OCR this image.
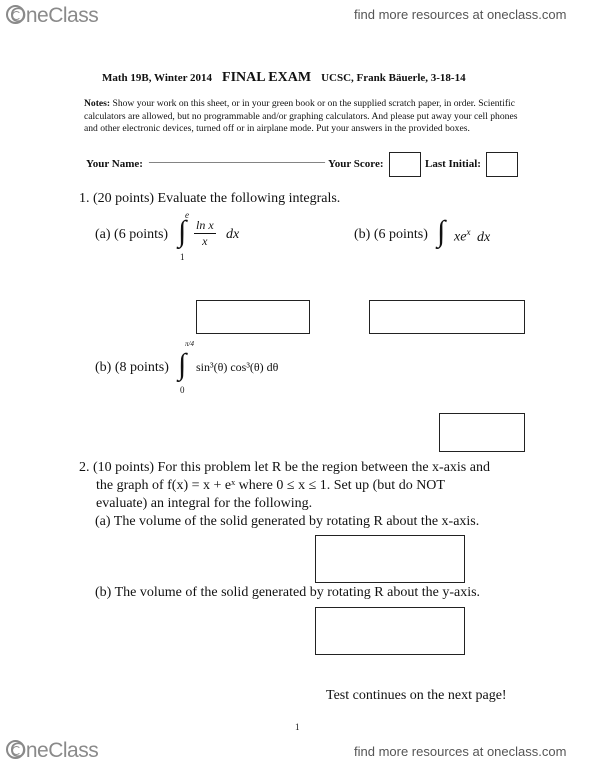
OneClass	find more resources at oneclass.com
Math 19B, Winter 2014 FINAL EXAM UCSC, Frank Bäuerle, 3-18-14
Notes: Show your work on this sheet, or in your green book or on the supplied scratch paper, in order. Scientific calculators are allowed, but no programmable and/or graphing calculators. And please put away your cell phones and other electronic devices, turned off or in airplane mode. Put your answers in the provided boxes.
Your Name: ________________________________ Your Score:	Last Initial:
1. (20 points) Evaluate the following integrals.
(a) (6 points)
e
∫
1
$\frac{\text{ln x}}{x}$ dx	(b) (6 points) ∫ $xe^x$ dx
(b) (8 points)
π/4
∫
0
sin³(θ) cos³(θ) dθ
2. (10 points) For this problem let R be the region between the x-axis and
the graph of f(x) = x + eˣ where 0 ≤ x ≤ 1. Set up (but do NOT
evaluate) an integral for the following.
(a) The volume of the solid generated by rotating R about the x-axis.
(b) The volume of the solid generated by rotating R about the y-axis.
Test continues on the next page!
1
OneClass	find more resources at oneclass.com
